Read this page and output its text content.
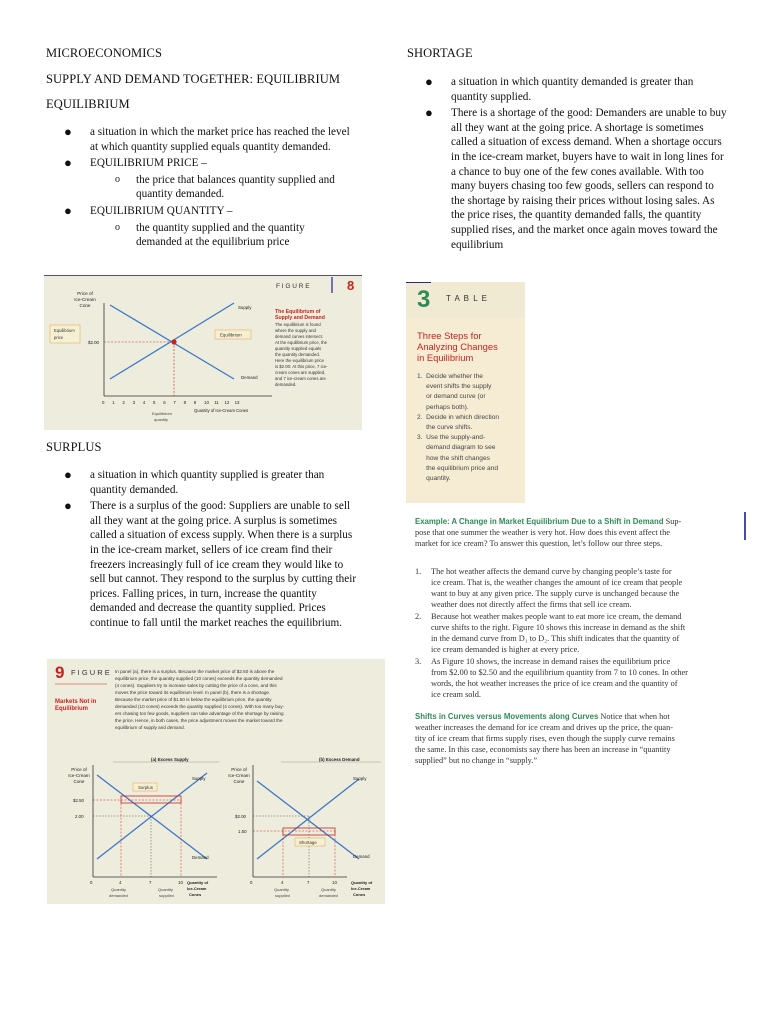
MICROECONOMICS
SUPPLY AND DEMAND TOGETHER: EQUILIBRIUM
EQUILIBRIUM
● a situation in which the market price has reached the level at which quantity supplied equals quantity demanded.
● EQUILIBRIUM PRICE –
o the price that balances quantity supplied and quantity demanded.
● EQUILIBRIUM QUANTITY –
o the quantity supplied and the quantity demanded at the equilibrium price
F I G U R E	8
Price of
Ice-Cream
Cone
Equilibrium
price
$2.00
Supply
Equilibrium
Demand
0 1 2 3 4 5 6 7 8 9 10 11 12 13
Quantity of Ice-Cream Cones
Equilibrium
quantity
The Equilibrium of
Supply and Demand
The equilibrium is found
where the supply and
demand curves intersect.
At the equilibrium price, the
quantity supplied equals
the quantity demanded.
Here the equilibrium price
is $2.00: At this price, 7 ice-
cream cones are supplied,
and 7 ice-cream cones are
demanded.
SURPLUS
● a situation in which quantity supplied is greater than quantity demanded.
● There is a surplus of the good: Suppliers are unable to sell all they want at the going price. A surplus is sometimes called a situation of excess supply. When there is a surplus in the ice-cream market, sellers of ice cream find their freezers increasingly full of ice cream they would like to sell but cannot. They respond to the surplus by cutting their prices. Falling prices, in turn, increase the quantity demanded and decrease the quantity supplied. Prices continue to fall until the market reaches the equilibrium.
9 F I G U R E
Markets Not in
Equilibrium
In panel (a), there is a surplus. Because the market price of $2.50 is above the
equilibrium price, the quantity supplied (10 cones) exceeds the quantity demanded
(4 cones). Suppliers try to increase sales by cutting the price of a cone, and this
moves the price toward its equilibrium level. In panel (b), there is a shortage.
Because the market price of $1.50 is below the equilibrium price, the quantity
demanded (10 cones) exceeds the quantity supplied (4 cones). With too many buy-
ers chasing too few goods, suppliers can take advantage of the shortage by raising
the price. Hence, in both cases, the price adjustment moves the market toward the
equilibrium of supply and demand.
(a) Excess Supply
Price of
Ice-Cream
Cone
Supply
Demand
Surplus
$2.50
2.00
0	4	7	10
Quantity
demanded
Quantity
supplied
Quantity of
Ice-Cream
Cones
(b) Excess Demand
Price of
Ice-Cream
Cone
Supply
Demand
Shortage
$2.00
1.50
0	4	7	10
Quantity
supplied
Quantity
demanded
Quantity of
Ice-Cream
Cones
SHORTAGE
● a situation in which quantity demanded is greater than quantity supplied.
● There is a shortage of the good: Demanders are unable to buy all they want at the going price. A shortage is sometimes called a situation of excess demand. When a shortage occurs in the ice-cream market, buyers have to wait in long lines for a chance to buy one of the few cones available. With too many buyers chasing too few goods, sellers can respond to the shortage by raising their prices without losing sales. As the price rises, the quantity demanded falls, the quantity supplied rises, and the market once again moves toward the equilibrium
3 T A B L E
Three Steps for
Analyzing Changes
in Equilibrium
1.  Decide whether the
event shifts the supply
or demand curve (or
perhaps both).
2.  Decide in which direction
the curve shifts.
3.  Use the supply-and-
demand diagram to see
how the shift changes
the equilibrium price and
quantity.
Example: A Change in Market Equilibrium Due to a Shift in Demand Sup-
pose that one summer the weather is very hot. How does this event affect the
market for ice cream? To answer this question, let’s follow our three steps.
1. The hot weather affects the demand curve by changing people’s taste for
ice cream. That is, the weather changes the amount of ice cream that people
want to buy at any given price. The supply curve is unchanged because the
weather does not directly affect the firms that sell ice cream.
2. Because hot weather makes people want to eat more ice cream, the demand
curve shifts to the right. Figure 10 shows this increase in demand as the shift
in the demand curve from D₁ to D₂. This shift indicates that the quantity of
ice cream demanded is higher at every price.
3. As Figure 10 shows, the increase in demand raises the equilibrium price
from $2.00 to $2.50 and the equilibrium quantity from 7 to 10 cones. In other
words, the hot weather increases the price of ice cream and the quantity of
ice cream sold.
Shifts in Curves versus Movements along Curves Notice that when hot
weather increases the demand for ice cream and drives up the price, the quan-
tity of ice cream that firms supply rises, even though the supply curve remains
the same. In this case, economists say there has been an increase in “quantity
supplied” but no change in “supply.”
